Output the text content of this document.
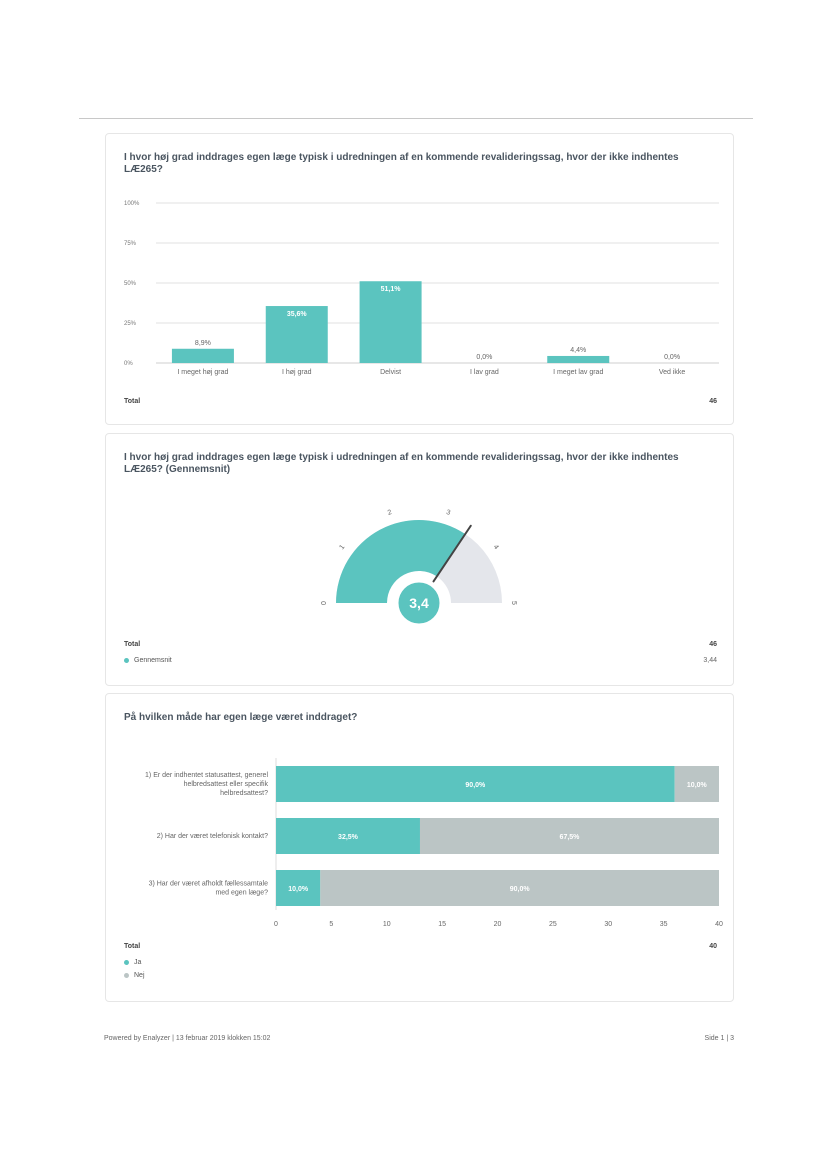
I hvor høj grad inddrages egen læge typisk i udredningen af en kommende revalideringssag, hvor der ikke indhentes LÆ265?
0%
25%
50%
75%
100%
8,9%
I meget høj grad
35,6%
I høj grad
51,1%
Delvist
0,0%
I lav grad
4,4%
I meget lav grad
0,0%
Ved ikke
Total	46
I hvor høj grad inddrages egen læge typisk i udredningen af en kommende revalideringssag, hvor der ikke indhentes LÆ265? (Gennemsnit)
0
1
2	3
4
5
3,4
Total	46
Gennemsnit	3,44
På hvilken måde har egen læge været inddraget?
90,0%	10,0%
1) Er der indhentet statusattest, generel
helbredsattest eller specifik
helbredsattest?
32,5%	67,5%
2) Har der været telefonisk kontakt?
10,0%	90,0%
3) Har der været afholdt fællessamtale
med egen læge?
0	5	10	15	20	25	30	35	40
Total	40
Ja
Nej
Powered by Enalyzer | 13 februar 2019 klokken 15:02	Side 1 | 3
